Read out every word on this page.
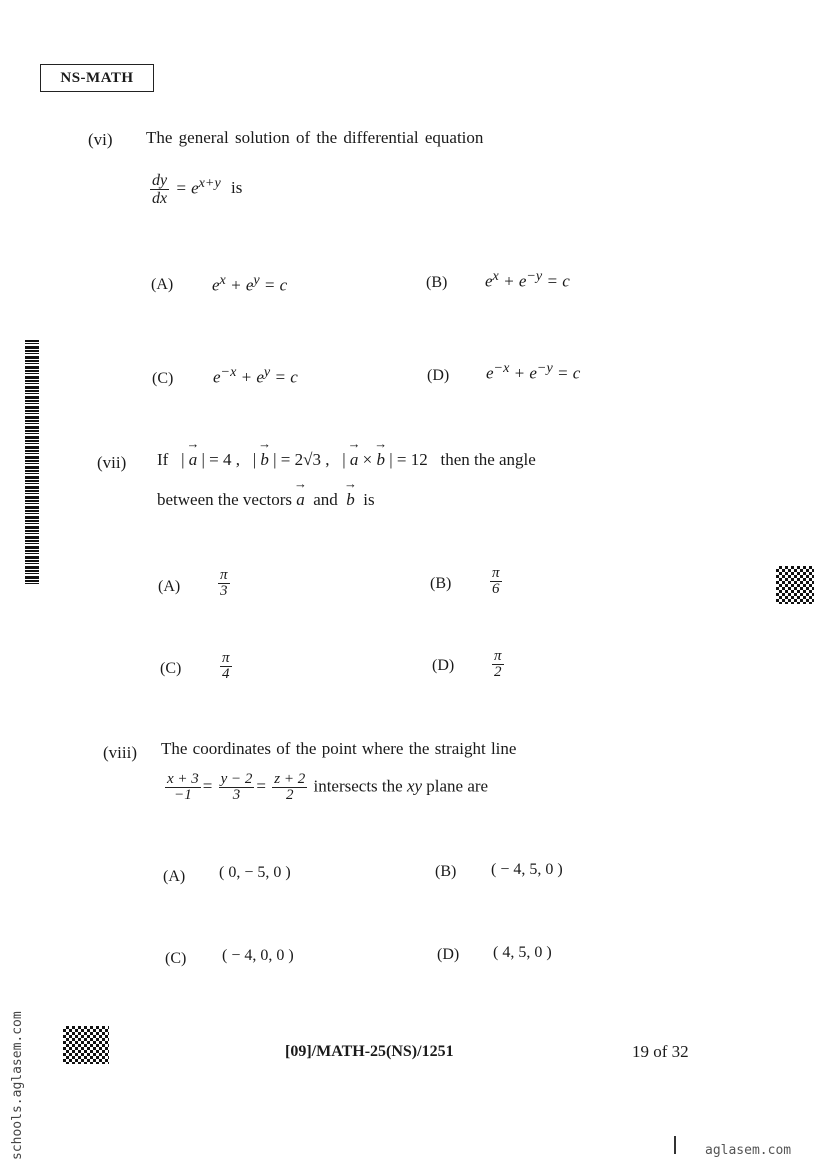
NS-MATH
(vi) The general solution of the differential equation
$\frac{dy}{dx} = e^{x+y}$ is
(A) $e^x + e^y = c$	(B) $e^x + e^{-y} = c$
(C) $e^{-x} + e^y = c$	(D) $e^{-x} + e^{-y} = c$
(vii) If   | → a | = 4 ,   | → b | = 2√3 ,   | → a × → b | = 12 then the angle
between the vectors → a and → b is
(A)	$\frac{\pi}{3}$	(B)	$\frac{\pi}{6}$
(C)	$\frac{\pi}{4}$	(D)	$\frac{\pi}{2}$
(viii) The coordinates of the point where the straight line
$\frac{x + 3}{-1} = \frac{y - 2}{3} = \frac{z + 2}{2}$ intersects the xy plane are
(A) ( 0, − 5, 0 )	(B) ( − 4, 5, 0 )
(C) ( − 4, 0, 0 )	(D) ( 4, 5, 0 )
[09]/MATH-25(NS)/1251	19 of 32
schools.aglasem.com	aglasem.com
